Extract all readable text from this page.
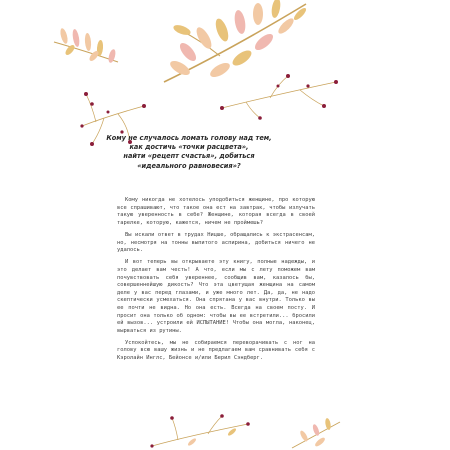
Кому не случалось ломать голову над тем,
как достичь «точки расцвета»,
найти «рецепт счастья», добиться
«идеального равновесия»?

Кому никогда не хотелось уподобиться женщине, про которую все спрашивают, что такое она ест на завтрак, чтобы излучать такую уверенность в себе? Женщине, которая всегда в своей тарелке, которую, кажется, ничем не проймешь?

Вы искали ответ в трудах Ницше, обращались к экстрасенсам, но, несмотря на тонны выпитого аспирина, добиться ничего не удалось.

И вот теперь вы открываете эту книгу, полные надежды, и это делает вам честь! А что, если мы с лету поможем вам почувствовать себя увереннее, сообщив вам, казалось бы, совершеннейшую дикость? Что эта цветущая женщина на самом деле у вас перед глазами, и уже много лет. Да, да, не надо скептически усмехаться. Она спрятана у вас внутри. Только вы ее почти не видна. Но она есть. Всегда на своем посту. И просит она только об одном: чтобы вы ее встретили... бросили ей вызов... устроили ей ИСПЫТАНИЕ! Чтобы она могла, наконец, вырваться из рутины.

Успокойтесь, мы не собираемся переворачивать с ног на голову всю вашу жизнь и не предлагаем вам сравнивать себя с Кэролайн Инглс, Бейонсе и/или Берил Сэндберг.
